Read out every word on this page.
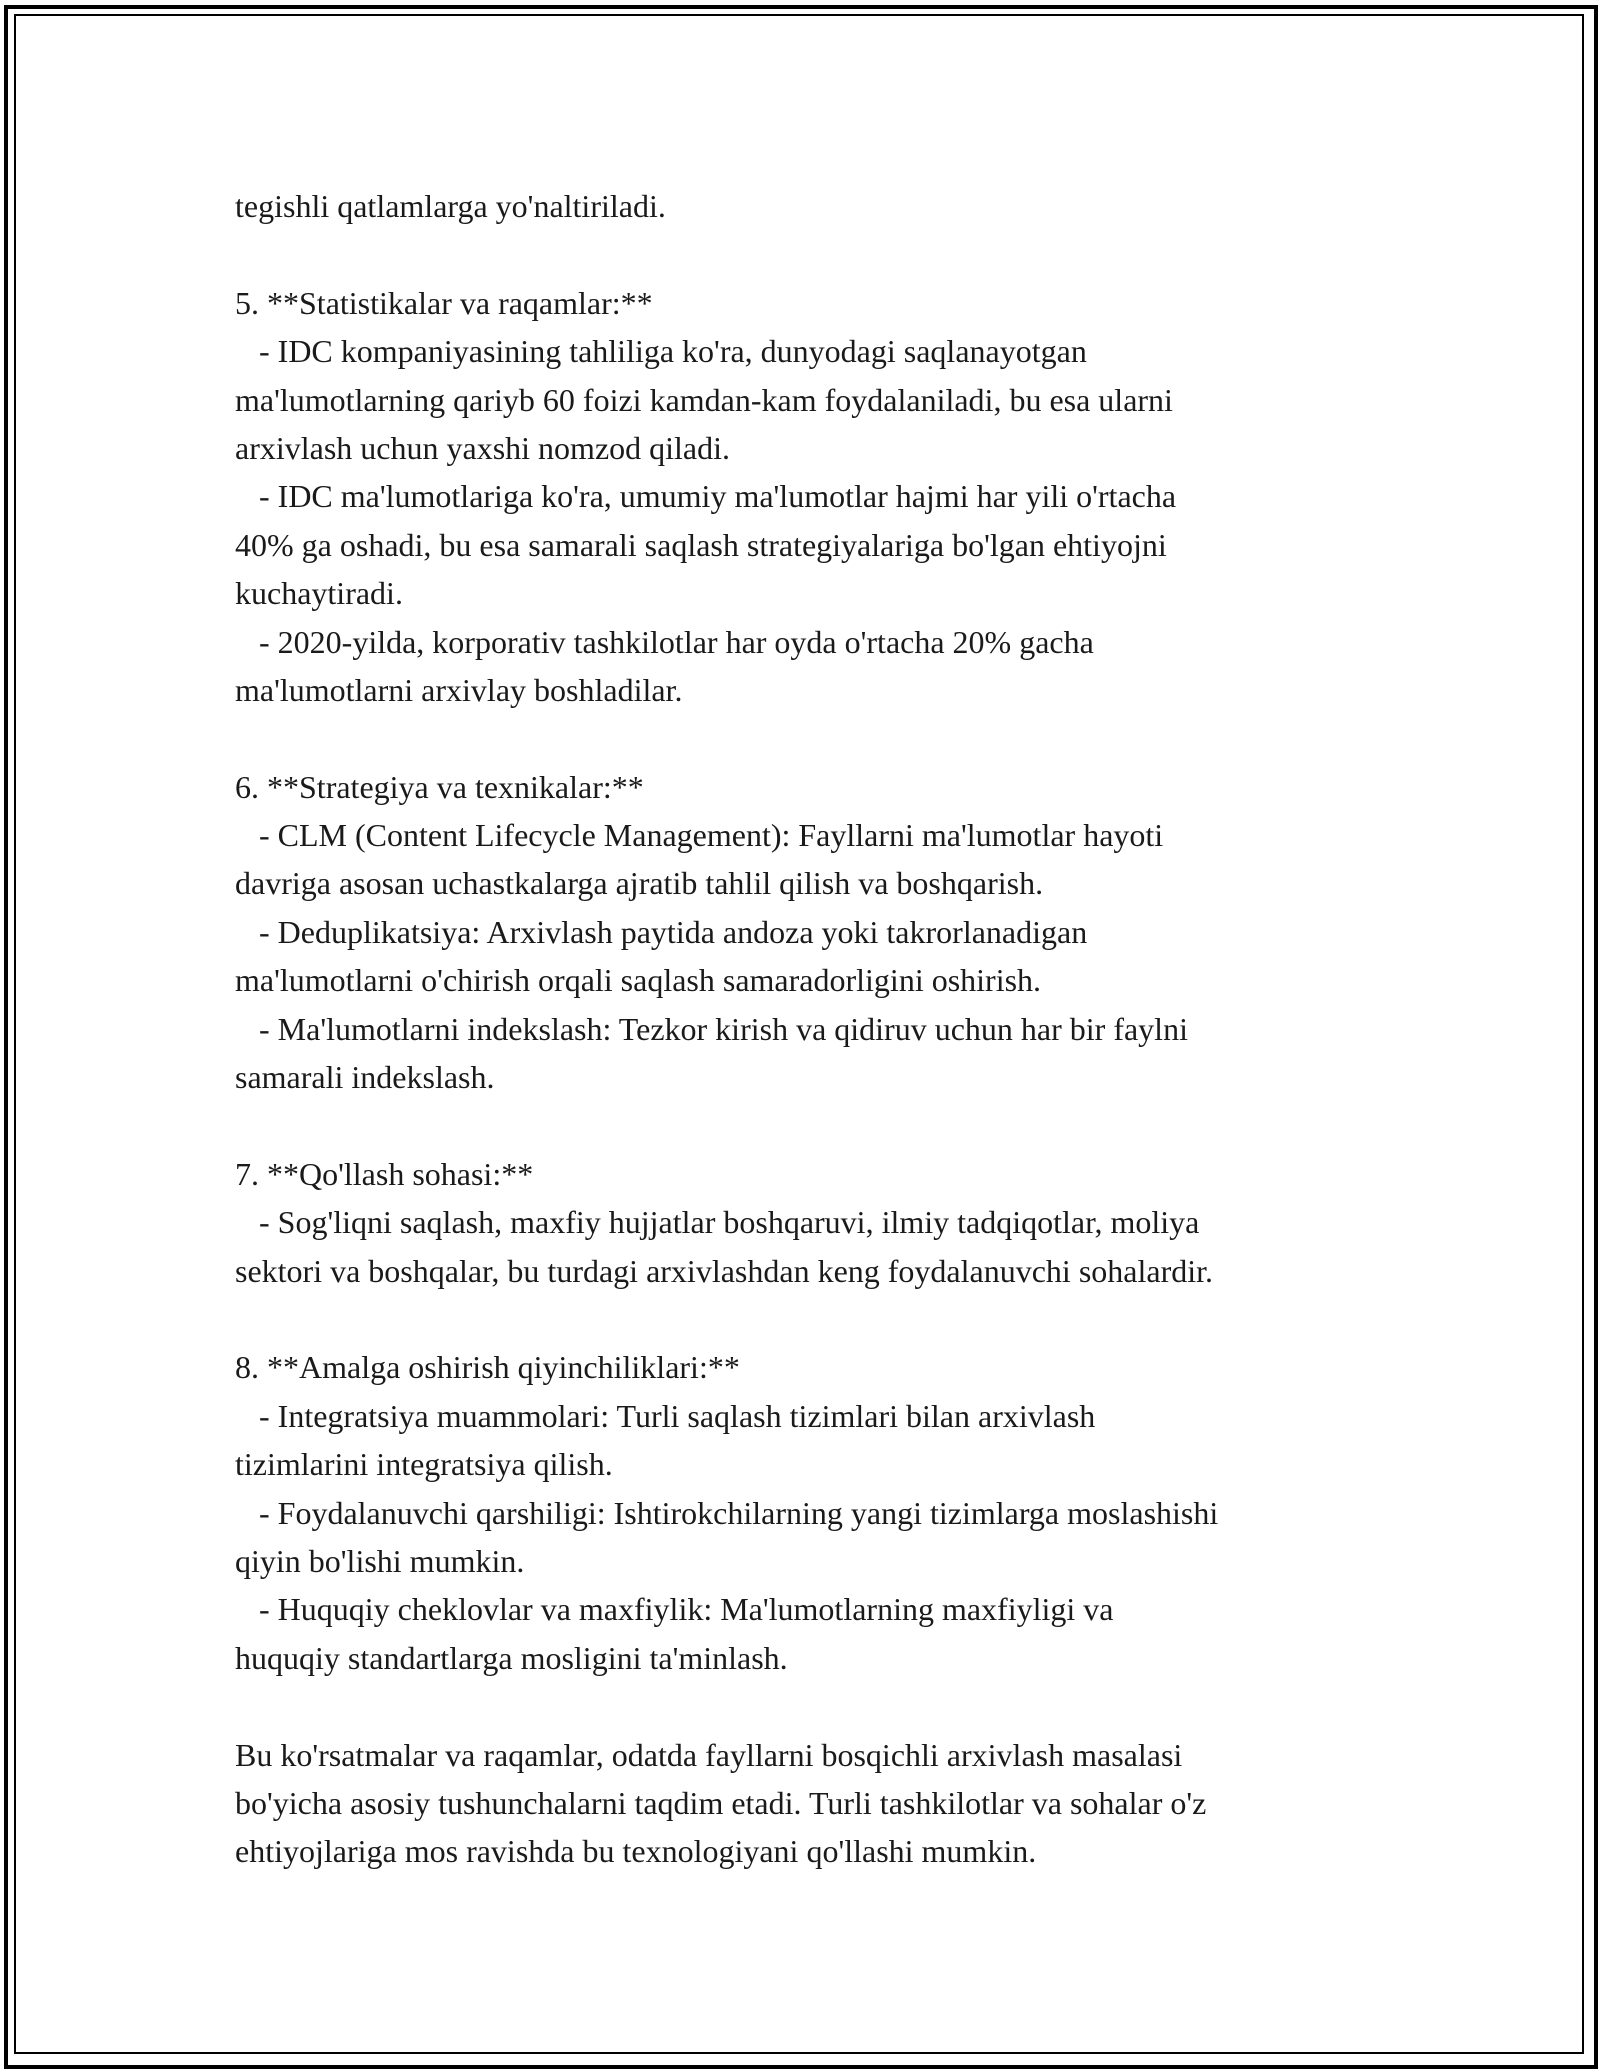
tegishli qatlamlarga yo'naltiriladi.
5. **Statistikalar va raqamlar:**
- IDC kompaniyasining tahliliga ko'ra, dunyodagi saqlanayotgan
ma'lumotlarning qariyb 60 foizi kamdan-kam foydalaniladi, bu esa ularni
arxivlash uchun yaxshi nomzod qiladi.
- IDC ma'lumotlariga ko'ra, umumiy ma'lumotlar hajmi har yili o'rtacha
40% ga oshadi, bu esa samarali saqlash strategiyalariga bo'lgan ehtiyojni
kuchaytiradi.
- 2020-yilda, korporativ tashkilotlar har oyda o'rtacha 20% gacha
ma'lumotlarni arxivlay boshladilar.
6. **Strategiya va texnikalar:**
- CLM (Content Lifecycle Management): Fayllarni ma'lumotlar hayoti
davriga asosan uchastkalarga ajratib tahlil qilish va boshqarish.
- Deduplikatsiya: Arxivlash paytida andoza yoki takrorlanadigan
ma'lumotlarni o'chirish orqali saqlash samaradorligini oshirish.
- Ma'lumotlarni indekslash: Tezkor kirish va qidiruv uchun har bir faylni
samarali indekslash.
7. **Qo'llash sohasi:**
- Sog'liqni saqlash, maxfiy hujjatlar boshqaruvi, ilmiy tadqiqotlar, moliya
sektori va boshqalar, bu turdagi arxivlashdan keng foydalanuvchi sohalardir.
8. **Amalga oshirish qiyinchiliklari:**
- Integratsiya muammolari: Turli saqlash tizimlari bilan arxivlash
tizimlarini integratsiya qilish.
- Foydalanuvchi qarshiligi: Ishtirokchilarning yangi tizimlarga moslashishi
qiyin bo'lishi mumkin.
- Huquqiy cheklovlar va maxfiylik: Ma'lumotlarning maxfiyligi va
huquqiy standartlarga mosligini ta'minlash.
Bu ko'rsatmalar va raqamlar, odatda fayllarni bosqichli arxivlash masalasi
bo'yicha asosiy tushunchalarni taqdim etadi. Turli tashkilotlar va sohalar o'z
ehtiyojlariga mos ravishda bu texnologiyani qo'llashi mumkin.
